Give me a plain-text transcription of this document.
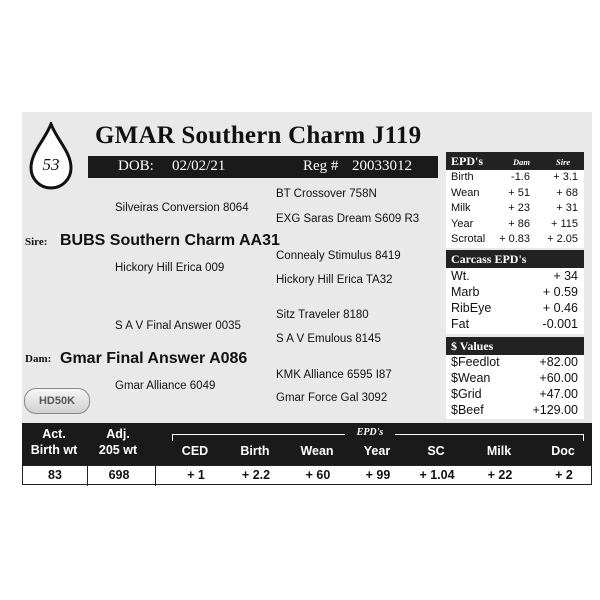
53
GMAR Southern Charm J119
DOB: 02/02/21	Reg # 20033012
BT Crossover 758N
Silveiras Conversion 8064
EXG Saras Dream S609 R3
Sire: BUBS Southern Charm AA31
Connealy Stimulus 8419
Hickory Hill Erica 009
Hickory Hill Erica TA32
Sitz Traveler 8180
S A V Final Answer 0035
S A V Emulous 8145
Dam: Gmar Final Answer A086
KMK Alliance 6595 I87
Gmar Alliance 6049
Gmar Force Gal 3092
HD50K
EPD's	Dam	Sire
Birth	-1.6 + 3.1
Wean	+ 51 + 68
Milk	+ 23 + 31
Year	+ 86 + 115
Scrotal + 0.83 + 2.05
Carcass EPD's
Wt.	+ 34
Marb	+ 0.59
RibEye	+ 0.46
Fat	-0.001
$ Values
$Feedlot	+82.00
$Wean	+60.00
$Grid	+47.00
$Beef	+129.00
Act.
Birth wt
Adj.
205 wt
EPD's
CED	Birth	Wean	Year	SC	Milk	Doc
83	698	+ 1	+ 2.2	+ 60	+ 99	+ 1.04	+ 22	+ 2
